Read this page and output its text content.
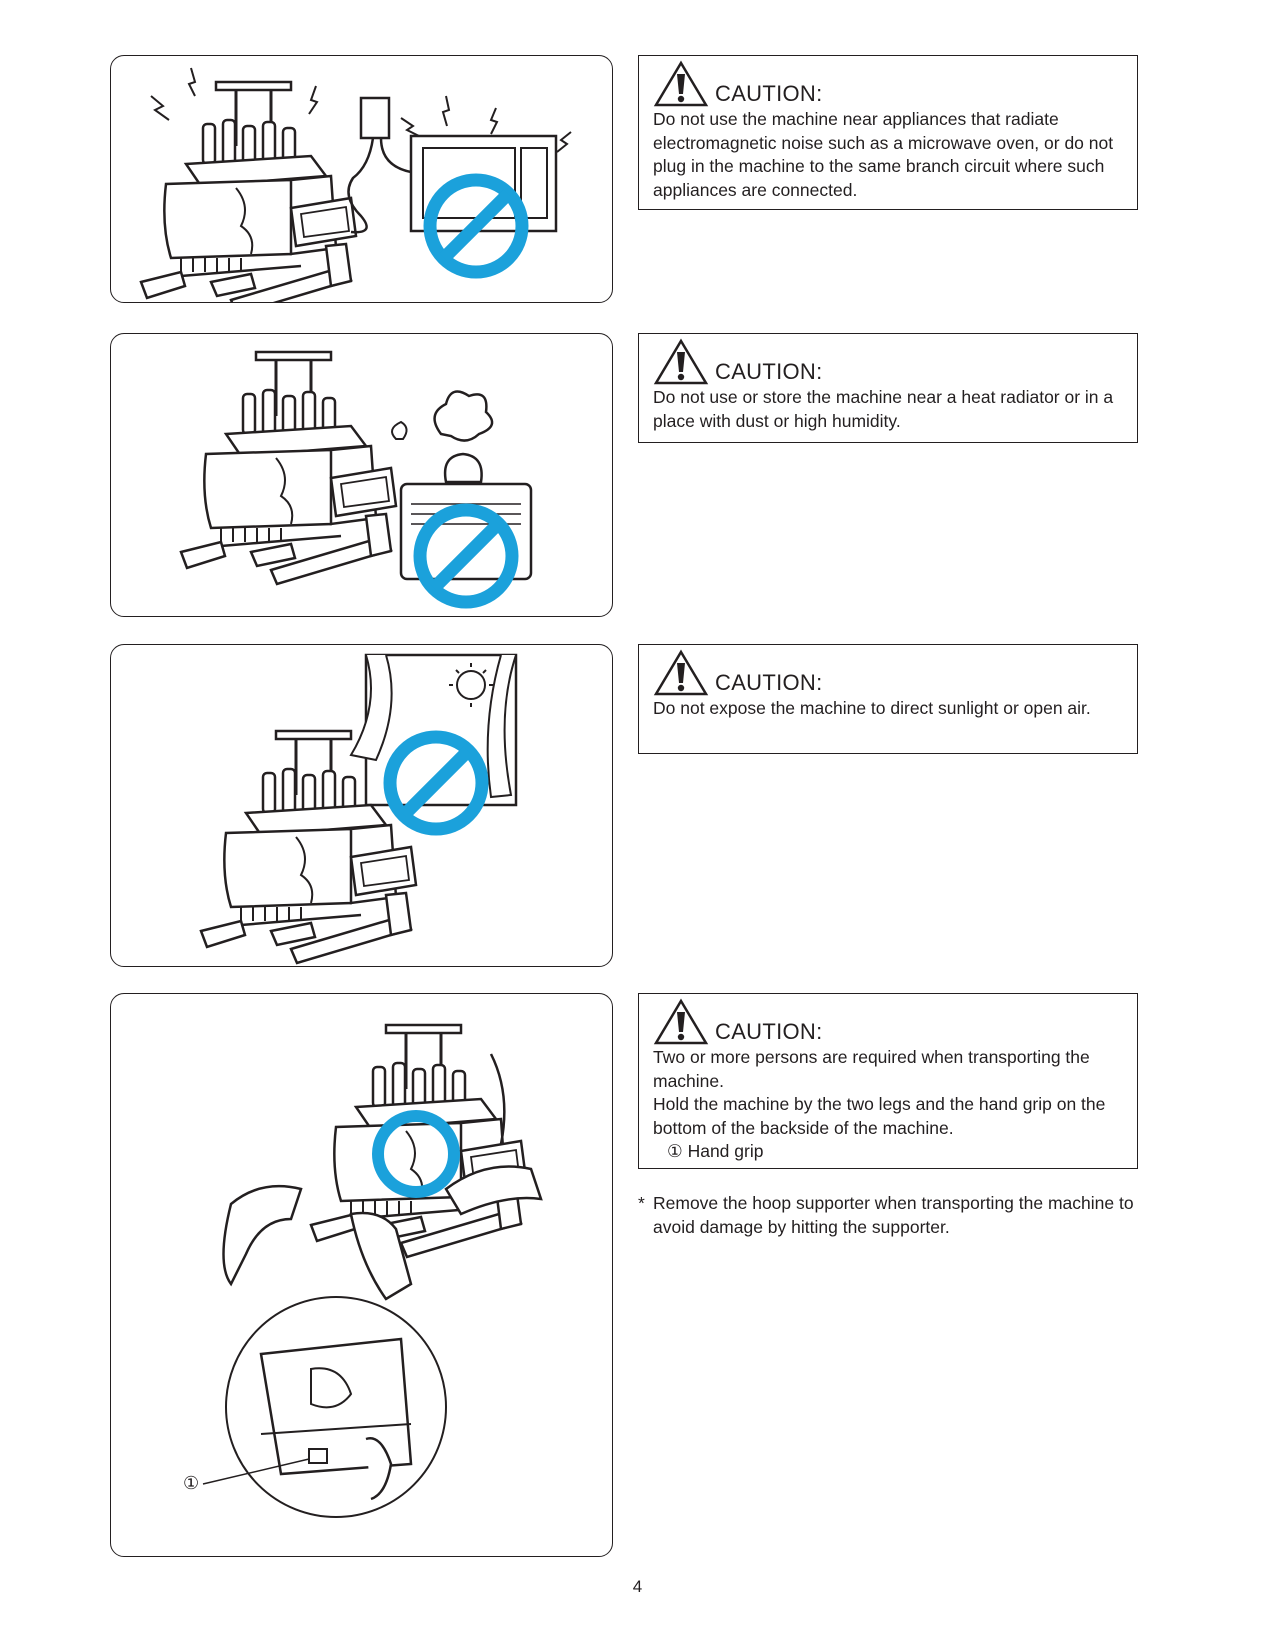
CAUTION:

Do not use the machine near appliances that radiate electromagnetic noise such as a microwave oven, or do not plug in the machine to the same branch circuit where such appliances are connected.

CAUTION:

Do not use or store the machine near a heat radiator or in a place with dust or high humidity.

CAUTION:

Do not expose the machine to direct sunlight or open air.

①
CAUTION:

Two or more persons are required when transporting the machine.

Hold the machine by the two legs and the hand grip on the bottom of the backside of the machine.

① Hand grip

* Remove the hoop supporter when transporting the machine to avoid damage by hitting the supporter.
4
